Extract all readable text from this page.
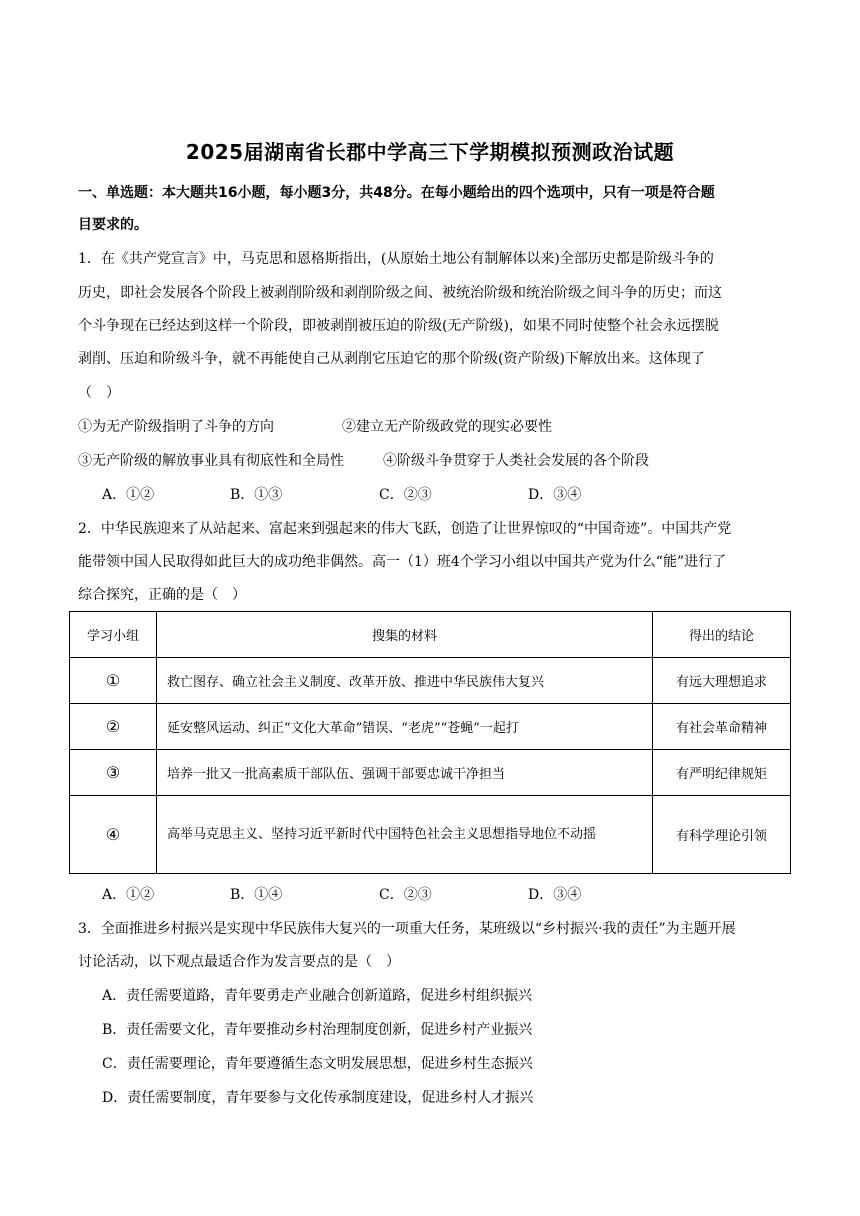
2025届湖南省长郡中学高三下学期模拟预测政治试题
一、单选题：本大题共16小题，每小题3分，共48分。在每小题给出的四个选项中，只有一项是符合题
目要求的。
1．在《共产党宣言》中，马克思和恩格斯指出，(从原始土地公有制解体以来)全部历史都是阶级斗争的
历史，即社会发展各个阶段上被剥削阶级和剥削阶级之间、被统治阶级和统治阶级之间斗争的历史；而这
个斗争现在已经达到这样一个阶段，即被剥削被压迫的阶级(无产阶级)，如果不同时使整个社会永远摆脱
剥削、压迫和阶级斗争，就不再能使自己从剥削它压迫它的那个阶级(资产阶级)下解放出来。这体现了
（　）
①为无产阶级指明了斗争的方向	②建立无产阶级政党的现实必要性
③无产阶级的解放事业具有彻底性和全局性	④阶级斗争贯穿于人类社会发展的各个阶段
A．①②	B．①③	C．②③	D．③④
2．中华民族迎来了从站起来、富起来到强起来的伟大飞跃，创造了让世界惊叹的“中国奇迹”。中国共产党
能带领中国人民取得如此巨大的成功绝非偶然。高一（1）班4个学习小组以中国共产党为什么“能”进行了
综合探究，正确的是（　）
学习小组	搜集的材料	得出的结论
①	救亡图存、确立社会主义制度、改革开放、推进中华民族伟大复兴	有远大理想追求
②	延安整风运动、纠正“文化大革命”错误、“老虎”“苍蝇”一起打	有社会革命精神
③	培养一批又一批高素质干部队伍、强调干部要忠诚干净担当	有严明纪律规矩
④	高举马克思主义、坚持习近平新时代中国特色社会主义思想指导地位不动摇	有科学理论引领
A．①②	B．①④	C．②③	D．③④
3．全面推进乡村振兴是实现中华民族伟大复兴的一项重大任务，某班级以“乡村振兴·我的责任”为主题开展
讨论活动，以下观点最适合作为发言要点的是（　）
A．责任需要道路，青年要勇走产业融合创新道路，促进乡村组织振兴
B．责任需要文化，青年要推动乡村治理制度创新，促进乡村产业振兴
C．责任需要理论，青年要遵循生态文明发展思想，促进乡村生态振兴
D．责任需要制度，青年要参与文化传承制度建设，促进乡村人才振兴
